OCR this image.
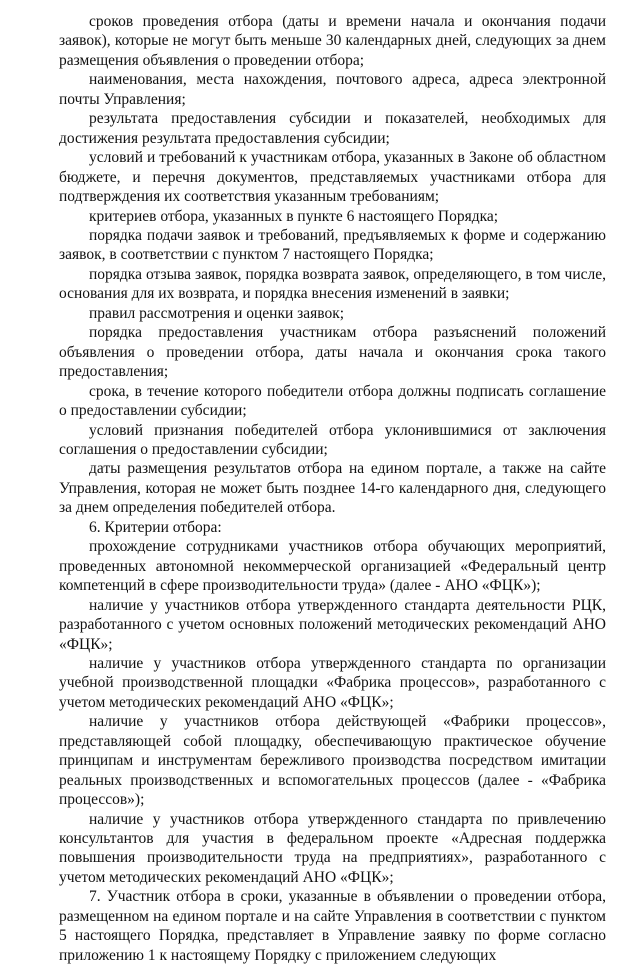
сроков проведения отбора (даты и времени начала и окончания подачи заявок), которые не могут быть меньше 30 календарных дней, следующих за днем размещения объявления о проведении отбора;

наименования, места нахождения, почтового адреса, адреса электронной почты Управления;

результата предоставления субсидии и показателей, необходимых для достижения результата предоставления субсидии;

условий и требований к участникам отбора, указанных в Законе об областном бюджете, и перечня документов, представляемых участниками отбора для подтверждения их соответствия указанным требованиям;

критериев отбора, указанных в пункте 6 настоящего Порядка;

порядка подачи заявок и требований, предъявляемых к форме и содержанию заявок, в соответствии с пунктом 7 настоящего Порядка;

порядка отзыва заявок, порядка возврата заявок, определяющего, в том числе, основания для их возврата, и порядка внесения изменений в заявки;

правил рассмотрения и оценки заявок;

порядка предоставления участникам отбора разъяснений положений объявления о проведении отбора, даты начала и окончания срока такого предоставления;

срока, в течение которого победители отбора должны подписать соглашение о предоставлении субсидии;

условий признания победителей отбора уклонившимися от заключения соглашения о предоставлении субсидии;

даты размещения результатов отбора на едином портале, а также на сайте Управления, которая не может быть позднее 14-го календарного дня, следующего за днем определения победителей отбора.

6. Критерии отбора:

прохождение сотрудниками участников отбора обучающих мероприятий, проведенных автономной некоммерческой организацией «Федеральный центр компетенций в сфере производительности труда» (далее - АНО «ФЦК»);

наличие у участников отбора утвержденного стандарта деятельности РЦК, разработанного с учетом основных положений методических рекомендаций АНО «ФЦК»;

наличие у участников отбора утвержденного стандарта по организации учебной производственной площадки «Фабрика процессов», разработанного с учетом методических рекомендаций АНО «ФЦК»;

наличие у участников отбора действующей «Фабрики процессов», представляющей собой площадку, обеспечивающую практическое обучение принципам и инструментам бережливого производства посредством имитации реальных производственных и вспомогательных процессов (далее - «Фабрика процессов»);

наличие у участников отбора утвержденного стандарта по привлечению консультантов для участия в федеральном проекте «Адресная поддержка повышения производительности труда на предприятиях», разработанного с учетом методических рекомендаций АНО «ФЦК»;

7. Участник отбора в сроки, указанные в объявлении о проведении отбора, размещенном на едином портале и на сайте Управления в соответствии с пунктом 5 настоящего Порядка, представляет в Управление заявку по форме согласно приложению 1 к настоящему Порядку с приложением следующих
